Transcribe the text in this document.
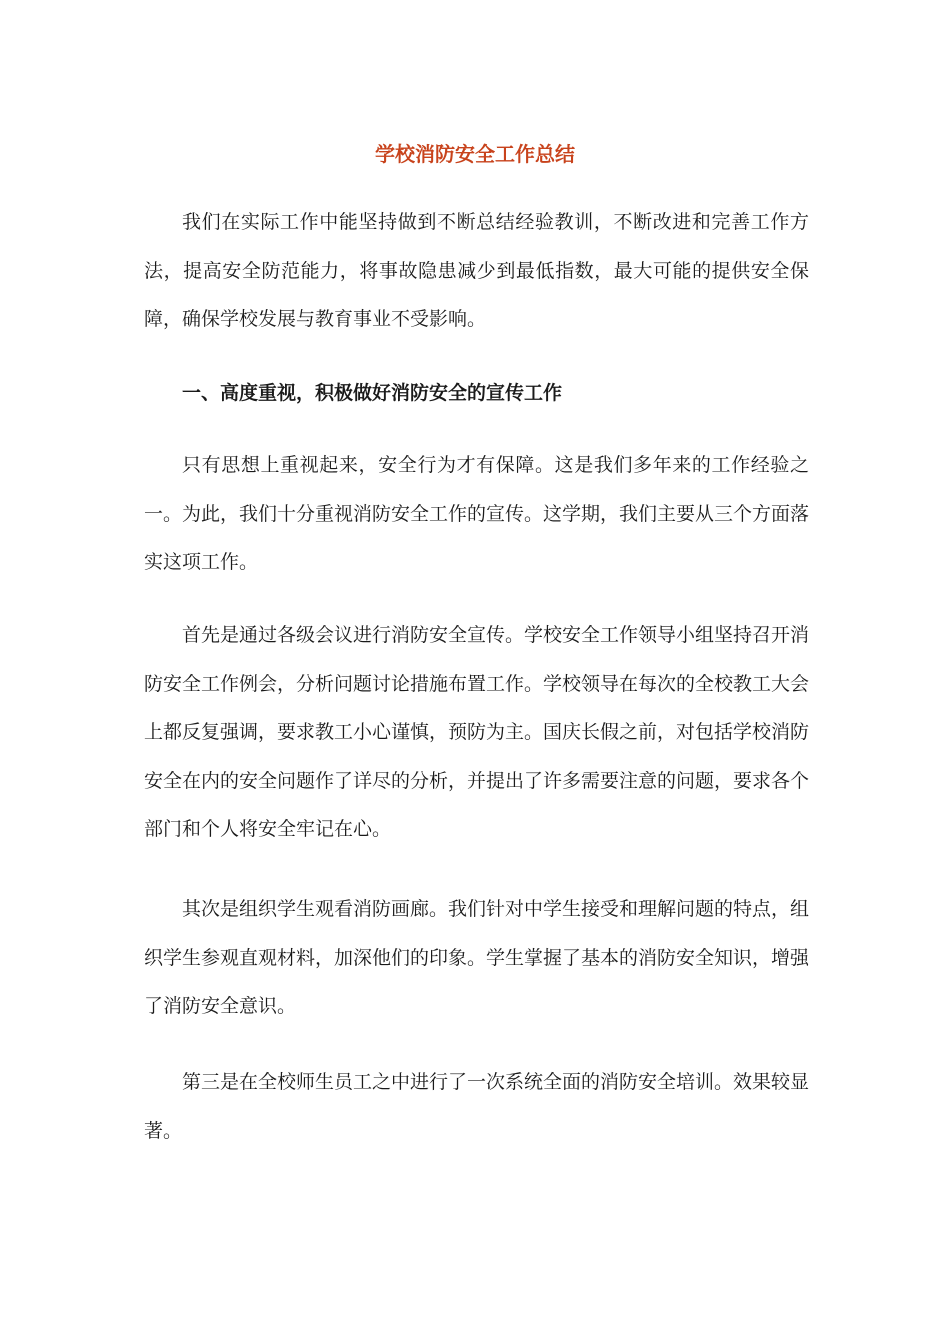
学校消防安全工作总结

我们在实际工作中能坚持做到不断总结经验教训，不断改进和完善工作方法，提高安全防范能力，将事故隐患减少到最低指数，最大可能的提供安全保障，确保学校发展与教育事业不受影响。

一、高度重视，积极做好消防安全的宣传工作

只有思想上重视起来，安全行为才有保障。这是我们多年来的工作经验之一。为此，我们十分重视消防安全工作的宣传。这学期，我们主要从三个方面落实这项工作。

首先是通过各级会议进行消防安全宣传。学校安全工作领导小组坚持召开消防安全工作例会，分析问题讨论措施布置工作。学校领导在每次的全校教工大会上都反复强调，要求教工小心谨慎，预防为主。国庆长假之前，对包括学校消防安全在内的安全问题作了详尽的分析，并提出了许多需要注意的问题，要求各个部门和个人将安全牢记在心。

其次是组织学生观看消防画廊。我们针对中学生接受和理解问题的特点，组织学生参观直观材料，加深他们的印象。学生掌握了基本的消防安全知识，增强了消防安全意识。

第三是在全校师生员工之中进行了一次系统全面的消防安全培训。效果较显著。
